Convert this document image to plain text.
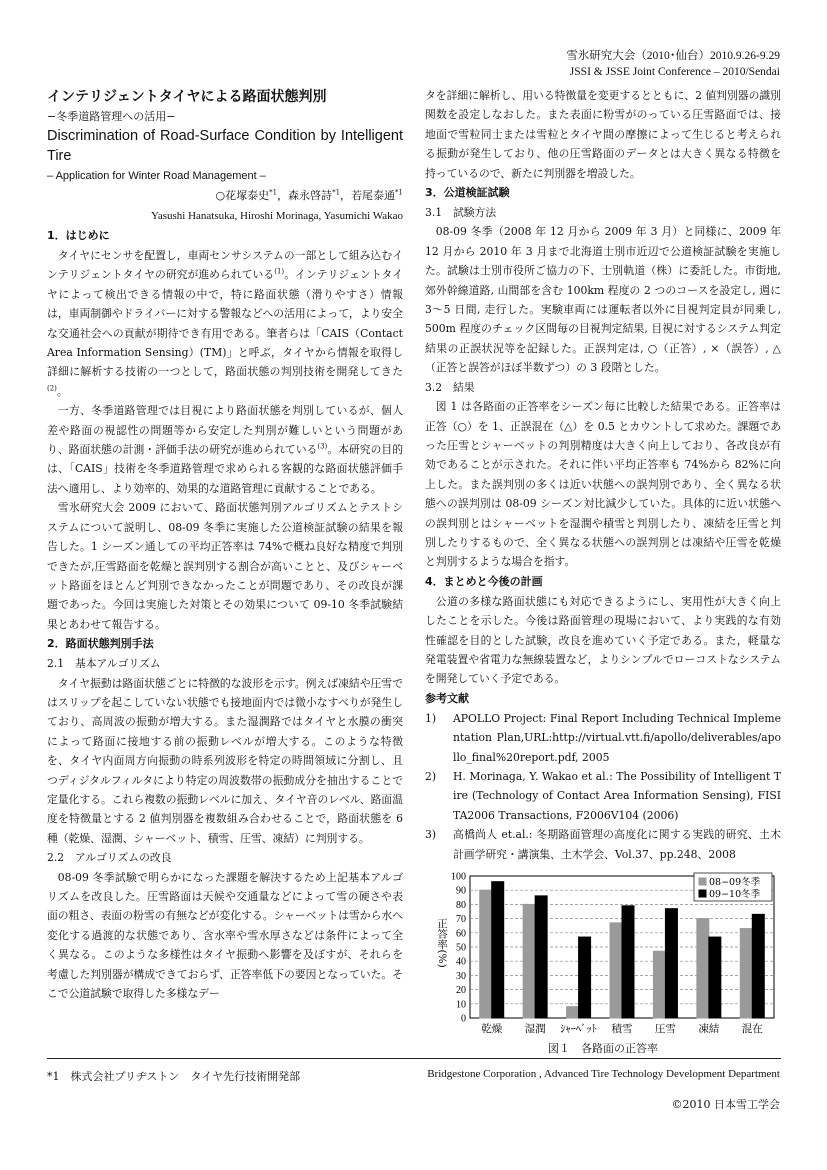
雪氷研究大会（2010･仙台）2010.9.26-9.29
JSSI & JSSE Joint Conference – 2010/Sendai
インテリジェントタイヤによる路面状態判別
−冬季道路管理への活用−
Discrimination of Road-Surface Condition by Intelligent Tire
– Application for Winter Road Management –
○花塚泰史$^{*1}$，森永啓詩$^{*1}$，若尾泰通$^{*1}$
Yasushi Hanatsuka, Hiroshi Morinaga, Yasumichi Wakao
1．はじめに

タイヤにセンサを配置し，車両センサシステムの一部として組み込むインテリジェントタイヤの研究が進められている$^{(1)}$。インテリジェントタイヤによって検出できる情報の中で，特に路面状態（滑りやすさ）情報は，車両制御やドライバーに対する警報などへの活用によって，より安全な交通社会への貢献が期待でき有用である。筆者らは「CAIS（Contact Area Information Sensing）(TM)」と呼ぶ，タイヤから情報を取得し詳細に解析する技術の一つとして，路面状態の判別技術を開発してきた$^{(2)}$。

一方、冬季道路管理では目視により路面状態を判別しているが、個人差や路面の視認性の問題等から安定した判別が難しいという問題があり、路面状態の計測・評価手法の研究が進められている$^{(3)}$。本研究の目的は、「CAIS」技術を冬季道路管理で求められる客観的な路面状態評価手法へ適用し、より効率的、効果的な道路管理に貢献することである。

雪氷研究大会 2009 において、路面状態判別アルゴリズムとテストシステムについて説明し、08-09 冬季に実施した公道検証試験の結果を報告した。1 シーズン通しての平均正答率は 74%で概ね良好な精度で判別できたが,圧雪路面を乾燥と誤判別する割合が高いことと、及びシャーベット路面をほとんど判別できなかったことが問題であり、その改良が課題であった。今回は実施した対策とその効果について 09-10 冬季試験結果とあわせて報告する。

2．路面状態判別手法
2.1　基本アルゴリズム

タイヤ振動は路面状態ごとに特徴的な波形を示す。例えば凍結や圧雪ではスリップを起こしていない状態でも接地面内では微小なすべりが発生しており、高周波の振動が増大する。また湿潤路ではタイヤと水膜の衝突によって路面に接地する前の振動レベルが増大する。このような特徴を、タイヤ内面周方向振動の時系列波形を特定の時間領域に分割し、且つディジタルフィルタにより特定の周波数帯の振動成分を抽出することで定量化する。これら複数の振動レベルに加え、タイヤ音のレベル、路面温度を特徴量とする 2 値判別器を複数組み合わせることで，路面状態を 6 種（乾燥、湿潤、シャーベット、積雪、圧雪、凍結）に判別する。

2.2　アルゴリズムの改良

08-09 冬季試験で明らかになった課題を解決するため上記基本アルゴリズムを改良した。圧雪路面は天候や交通量などによって雪の硬さや表面の粗さ、表面の粉雪の有無などが変化する。シャーベットは雪から水へ変化する過渡的な状態であり、含水率や雪水厚さなどは条件によって全く異なる。このような多様性はタイヤ振動へ影響を及ぼすが、それらを考慮した判別器が構成できておらず、正答率低下の要因となっていた。そこで公道試験で取得した多様なデー

タを詳細に解析し、用いる特徴量を変更するとともに、2 値判別器の識別関数を設定しなおした。また表面に粉雪がのっている圧雪路面では、接地面で雪粒同士または雪粒とタイヤ間の摩擦によって生じると考えられる振動が発生しており、他の圧雪路面のデータとは大きく異なる特徴を持っているので、新たに判別器を増設した。

3．公道検証試験
3.1　試験方法

08-09 冬季（2008 年 12 月から 2009 年 3 月）と同様に、2009 年 12 月から 2010 年 3 月まで北海道士別市近辺で公道検証試験を実施した。試験は士別市役所ご協力の下、士別軌道（株）に委託した。市街地, 郊外幹線道路, 山間部を含む 100km 程度の 2 つのコースを設定し, 週に 3〜5 日間, 走行した。実験車両には運転者以外に目視判定員が同乗し, 500m 程度のチェック区間毎の目視判定結果, 目視に対するシステム判定結果の正誤状況等を記録した。正誤判定は, ○（正答）, ×（誤答）, △（正答と誤答がほぼ半数ずつ）の 3 段階とした。

3.2　結果

図 1 は各路面の正答率をシーズン毎に比較した結果である。正答率は正答（○）を 1、正誤混在（△）を 0.5 とカウントして求めた。課題であった圧雪とシャーベットの判別精度は大きく向上しており、各改良が有効であることが示された。それに伴い平均正答率も 74%から 82%に向上した。また誤判別の多くは近い状態への誤判別であり、全く異なる状態への誤判別は 08-09 シーズン対比減少していた。具体的に近い状態への誤判別とはシャーベットを湿潤や積雪と判別したり、凍結を圧雪と判別したりするもので、全く異なる状態への誤判別とは凍結や圧雪を乾燥と判別するような場合を指す。

4．まとめと今後の計画

公道の多様な路面状態にも対応できるようにし、実用性が大きく向上したことを示した。今後は路面管理の現場において、より実践的な有効性確認を目的とした試験，改良を進めていく予定である。また，軽量な発電装置や省電力な無線装置など，よりシンプルでローコストなシステムを開発していく予定である。

参考文献
1)	APOLLO Project: Final Report Including Technical Implementation Plan,URL:http://virtual.vtt.fi/apollo/deliverables/apollo_final%20report.pdf, 2005
2)	H. Morinaga, Y. Wakao et al.: The Possibility of Intelligent Tire (Technology of Contact Area Information Sensing), FISITA2006 Transactions, F2006V104 (2006)
3)	高橋尚人 et.al.: 冬期路面管理の高度化に関する実践的研究、土木計画学研究・講演集、土木学会、Vol.37、pp.248、2008
0
10
20
30
40
50
60
70
80
90
100
乾燥 湿潤 ｼｬｰﾍﾞｯﾄ 積雪 圧雪 凍結 混在
正答率(%)
08−09冬季
09−10冬季
図１　各路面の正答率
*1　株式会社ブリヂストン　タイヤ先行技術開発部	Bridgestone Corporation , Advanced Tire Technology Development Department
©2010 日本雪工学会
